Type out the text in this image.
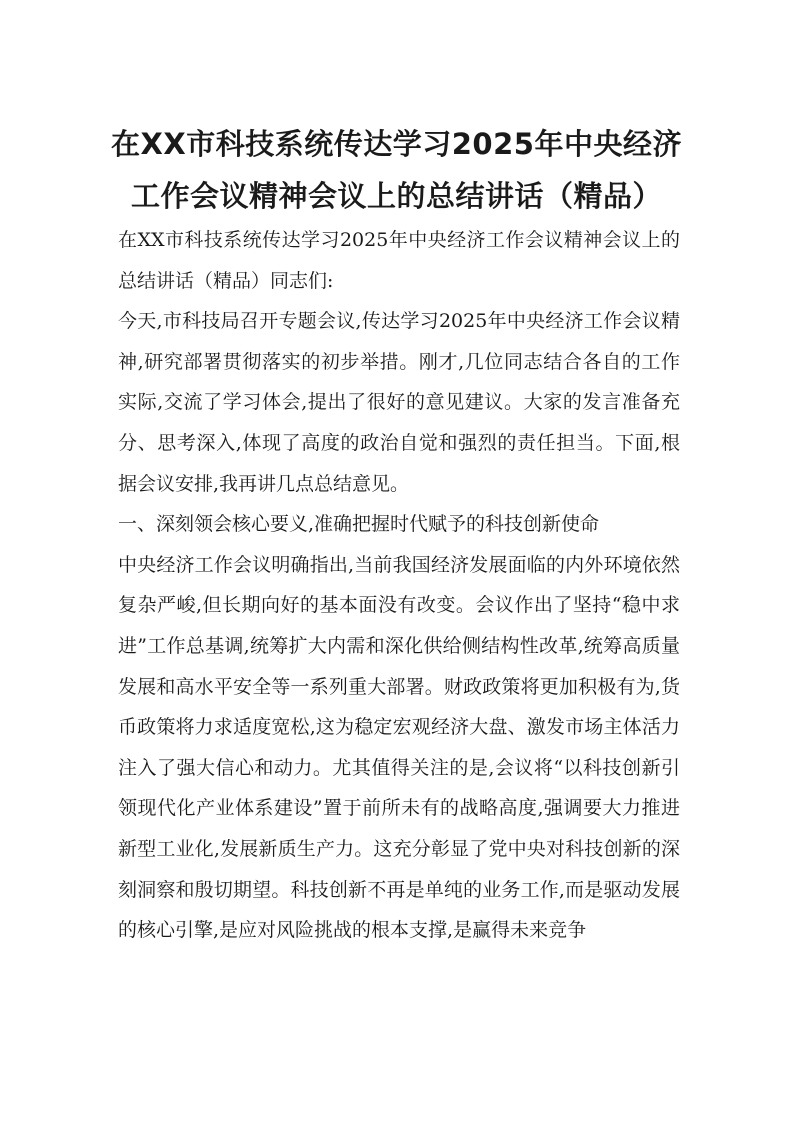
在XX市科技系统传达学习2025年中央经济工作会议精神会议上的总结讲话（精品）

在XX市科技系统传达学习2025年中央经济工作会议精神会议上的总结讲话（精品）同志们:

今天,市科技局召开专题会议,传达学习2025年中央经济工作会议精神,研究部署贯彻落实的初步举措。刚才,几位同志结合各自的工作实际,交流了学习体会,提出了很好的意见建议。大家的发言准备充分、思考深入,体现了高度的政治自觉和强烈的责任担当。下面,根据会议安排,我再讲几点总结意见。

一、深刻领会核心要义,准确把握时代赋予的科技创新使命

中央经济工作会议明确指出,当前我国经济发展面临的内外环境依然复杂严峻,但长期向好的基本面没有改变。会议作出了坚持“稳中求进”工作总基调,统筹扩大内需和深化供给侧结构性改革,统筹高质量发展和高水平安全等一系列重大部署。财政政策将更加积极有为,货币政策将力求适度宽松,这为稳定宏观经济大盘、激发市场主体活力注入了强大信心和动力。尤其值得关注的是,会议将“以科技创新引领现代化产业体系建设”置于前所未有的战略高度,强调要大力推进新型工业化,发展新质生产力。这充分彰显了党中央对科技创新的深刻洞察和殷切期望。科技创新不再是单纯的业务工作,而是驱动发展的核心引擎,是应对风险挑战的根本支撑,是赢得未来竞争
